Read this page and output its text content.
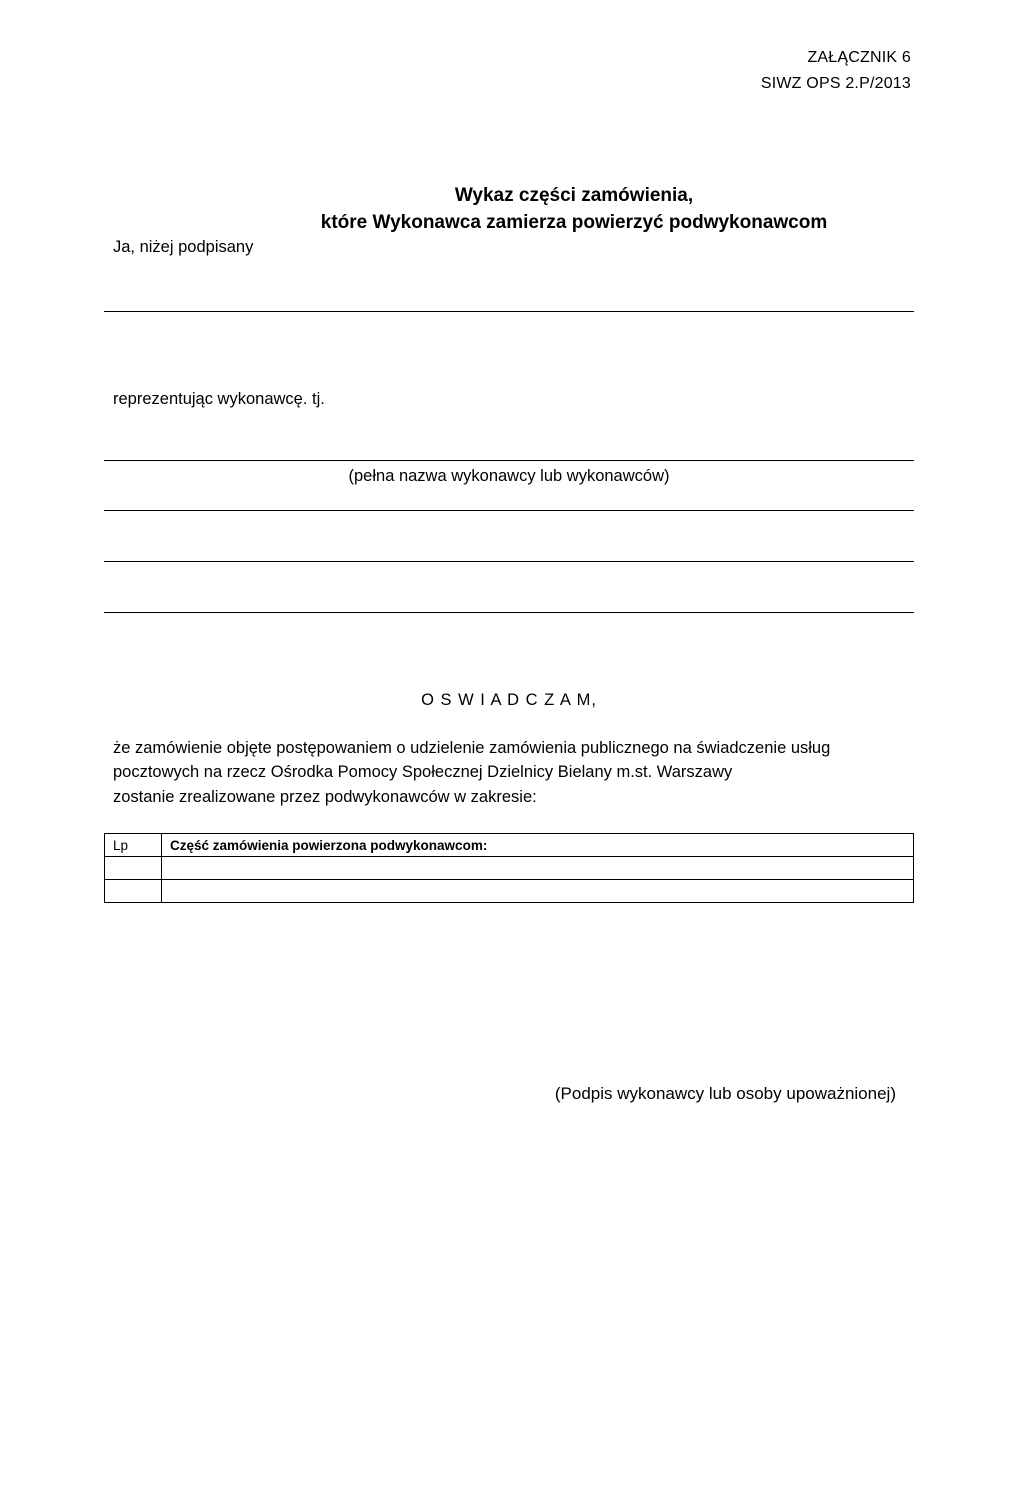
ZAŁĄCZNIK 6
SIWZ OPS 2.P/2013
Wykaz części zamówienia,
które Wykonawca zamierza powierzyć podwykonawcom
Ja, niżej podpisany
reprezentując wykonawcę. tj.
(pełna nazwa wykonawcy lub wykonawców)
O S W I A D C Z A M,
że zamówienie objęte postępowaniem o udzielenie zamówienia publicznego na świadczenie usług
pocztowych na rzecz Ośrodka Pomocy Społecznej Dzielnicy Bielany m.st. Warszawy
zostanie zrealizowane przez podwykonawców w zakresie:
Lp	Część zamówienia powierzona podwykonawcom:

(Podpis wykonawcy lub osoby upoważnionej)
